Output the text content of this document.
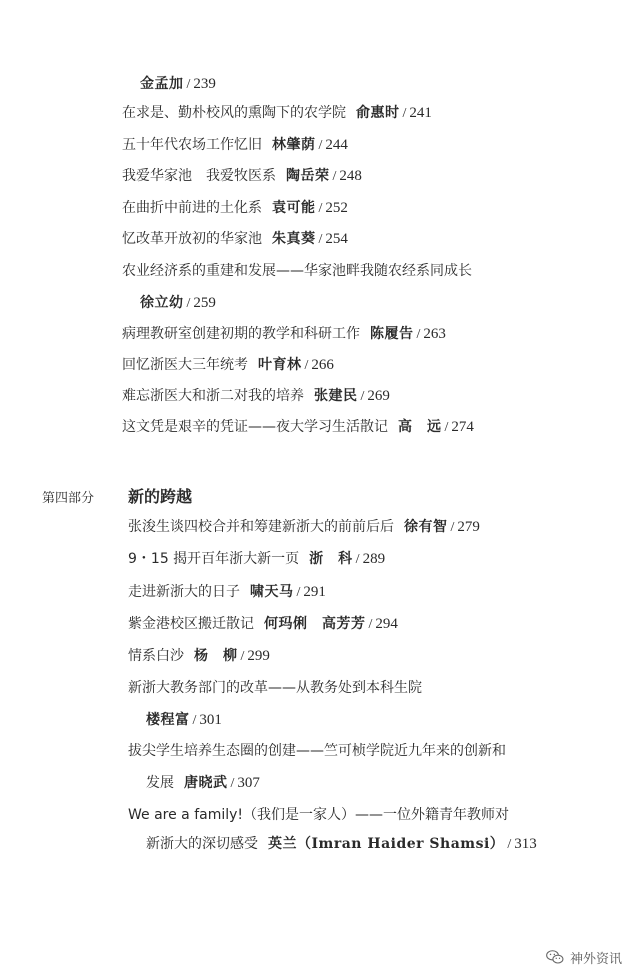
金孟加 / 239
在求是、勤朴校风的熏陶下的农学院 俞惠时 / 241
五十年代农场工作忆旧 林肇荫 / 244
我爱华家池　我爱牧医系 陶岳荣 / 248
在曲折中前进的土化系 袁可能 / 252
忆改革开放初的华家池 朱真葵 / 254
农业经济系的重建和发展——华家池畔我随农经系同成长
徐立幼 / 259
病理教研室创建初期的教学和科研工作 陈履告 / 263
回忆浙医大三年统考 叶育林 / 266
难忘浙医大和浙二对我的培养 张建民 / 269
这文凭是艰辛的凭证——夜大学习生活散记 高　远 / 274
第四部分 新的跨越
张浚生谈四校合并和筹建新浙大的前前后后 徐有智 / 279
9・15 揭开百年浙大新一页 浙　科 / 289
走进新浙大的日子 啸天马 / 291
紫金港校区搬迁散记 何玛俐　高芳芳 / 294
情系白沙 杨　柳 / 299
新浙大教务部门的改革——从教务处到本科生院
楼程富 / 301
拔尖学生培养生态圈的创建——竺可桢学院近九年来的创新和
发展 唐晓武 / 307
We are a family!（我们是一家人）——一位外籍青年教师对
新浙大的深切感受 英兰（Imran Haider Shamsi） / 313
神外资讯
